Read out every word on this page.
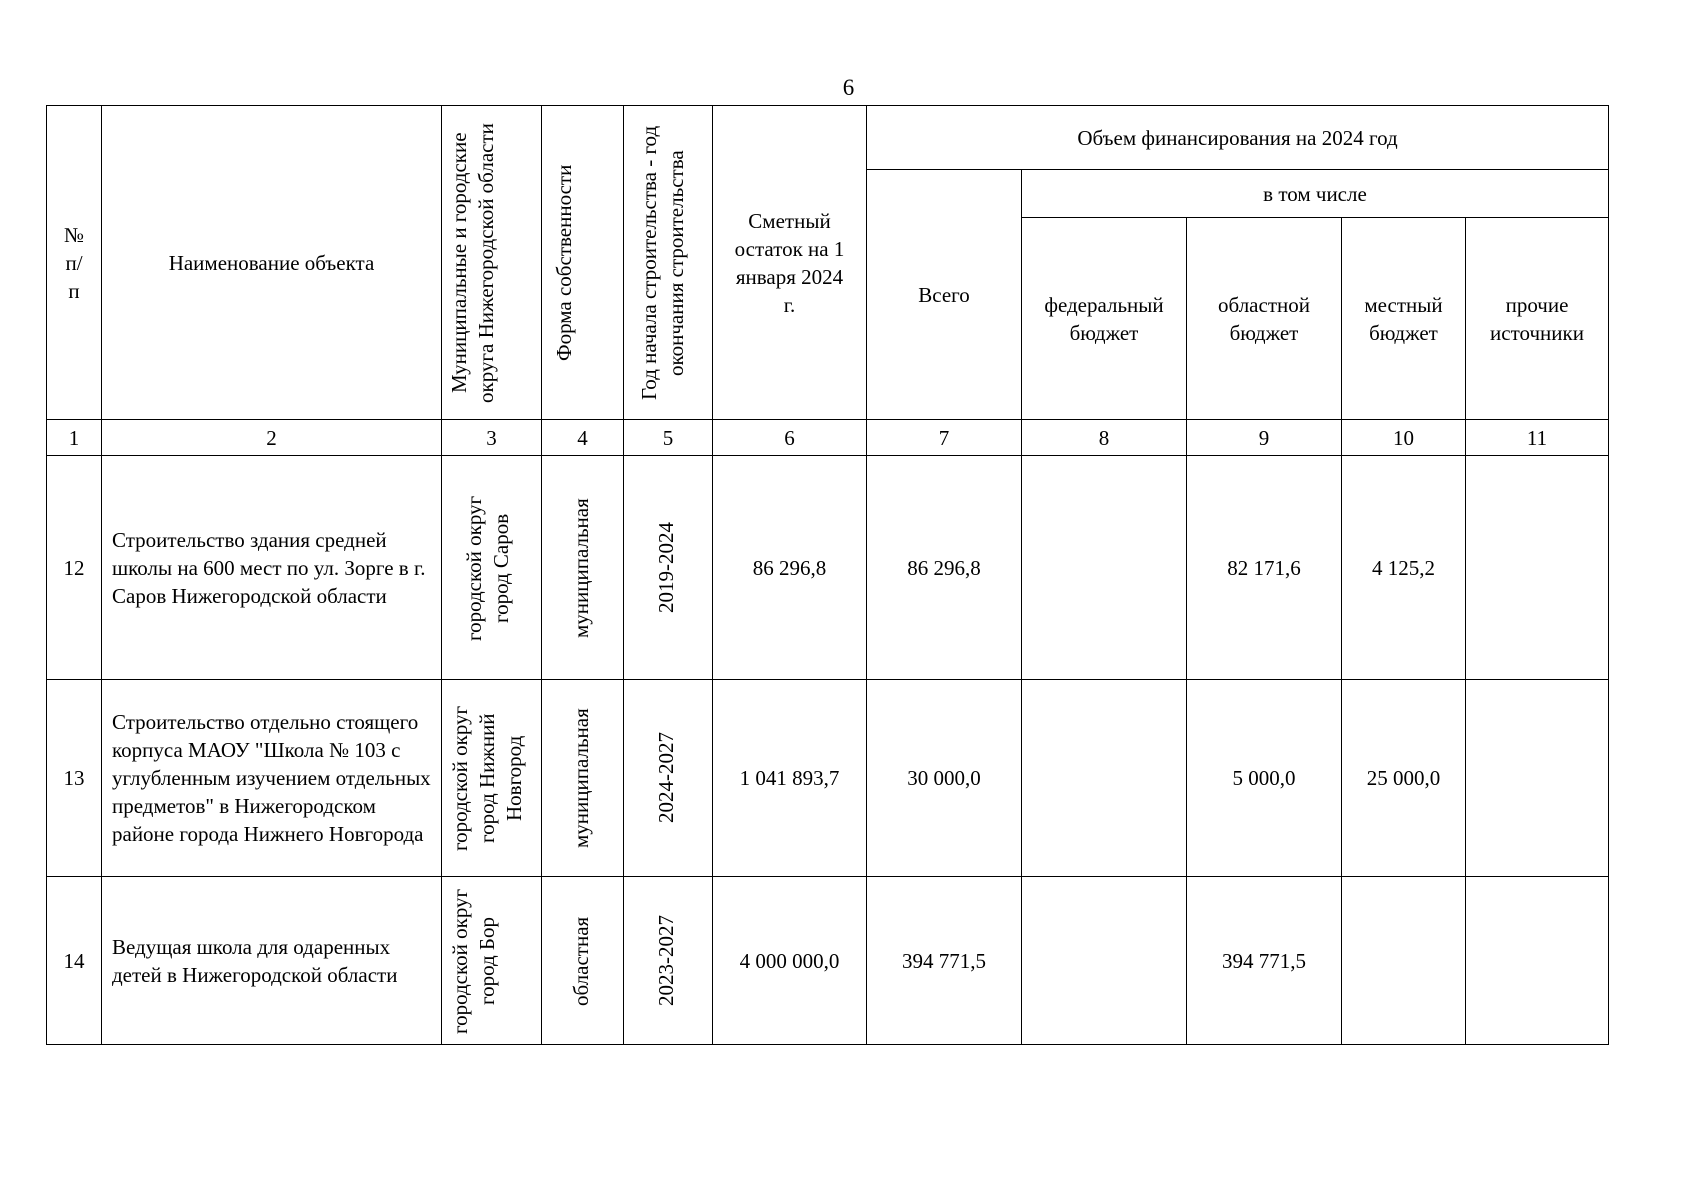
6
№ п/ п	Наименование объекта	Муниципальные и городские округа Нижегородской области	Форма собственности	Год начала строительства - год окончания строительства	Сметный остаток на 1 января 2024 г.	Объем финансирования на 2024 год				
						Всего	в том числе			

							федеральный бюджет	областной бюджет	местный бюджет	прочие источники

1	2	3	4	5	6	7	8	9	10	11
12	Строительство здания средней школы на 600 мест по ул. Зорге в г. Саров Нижегородской области	городской округ город Саров	муниципальная	2019-2024	86 296,8	86 296,8		82 171,6	4 125,2	
13	Строительство отдельно стоящего корпуса МАОУ "Школа № 103 с углубленным изучением отдельных предметов" в Нижегородском районе города Нижнего Новгорода	городской округ город Нижний Новгород	муниципальная	2024-2027	1 041 893,7	30 000,0		5 000,0	25 000,0	
14	Ведущая школа для одаренных детей в Нижегородской области	городской округ город Бор	областная	2023-2027	4 000 000,0	394 771,5		394 771,5		
